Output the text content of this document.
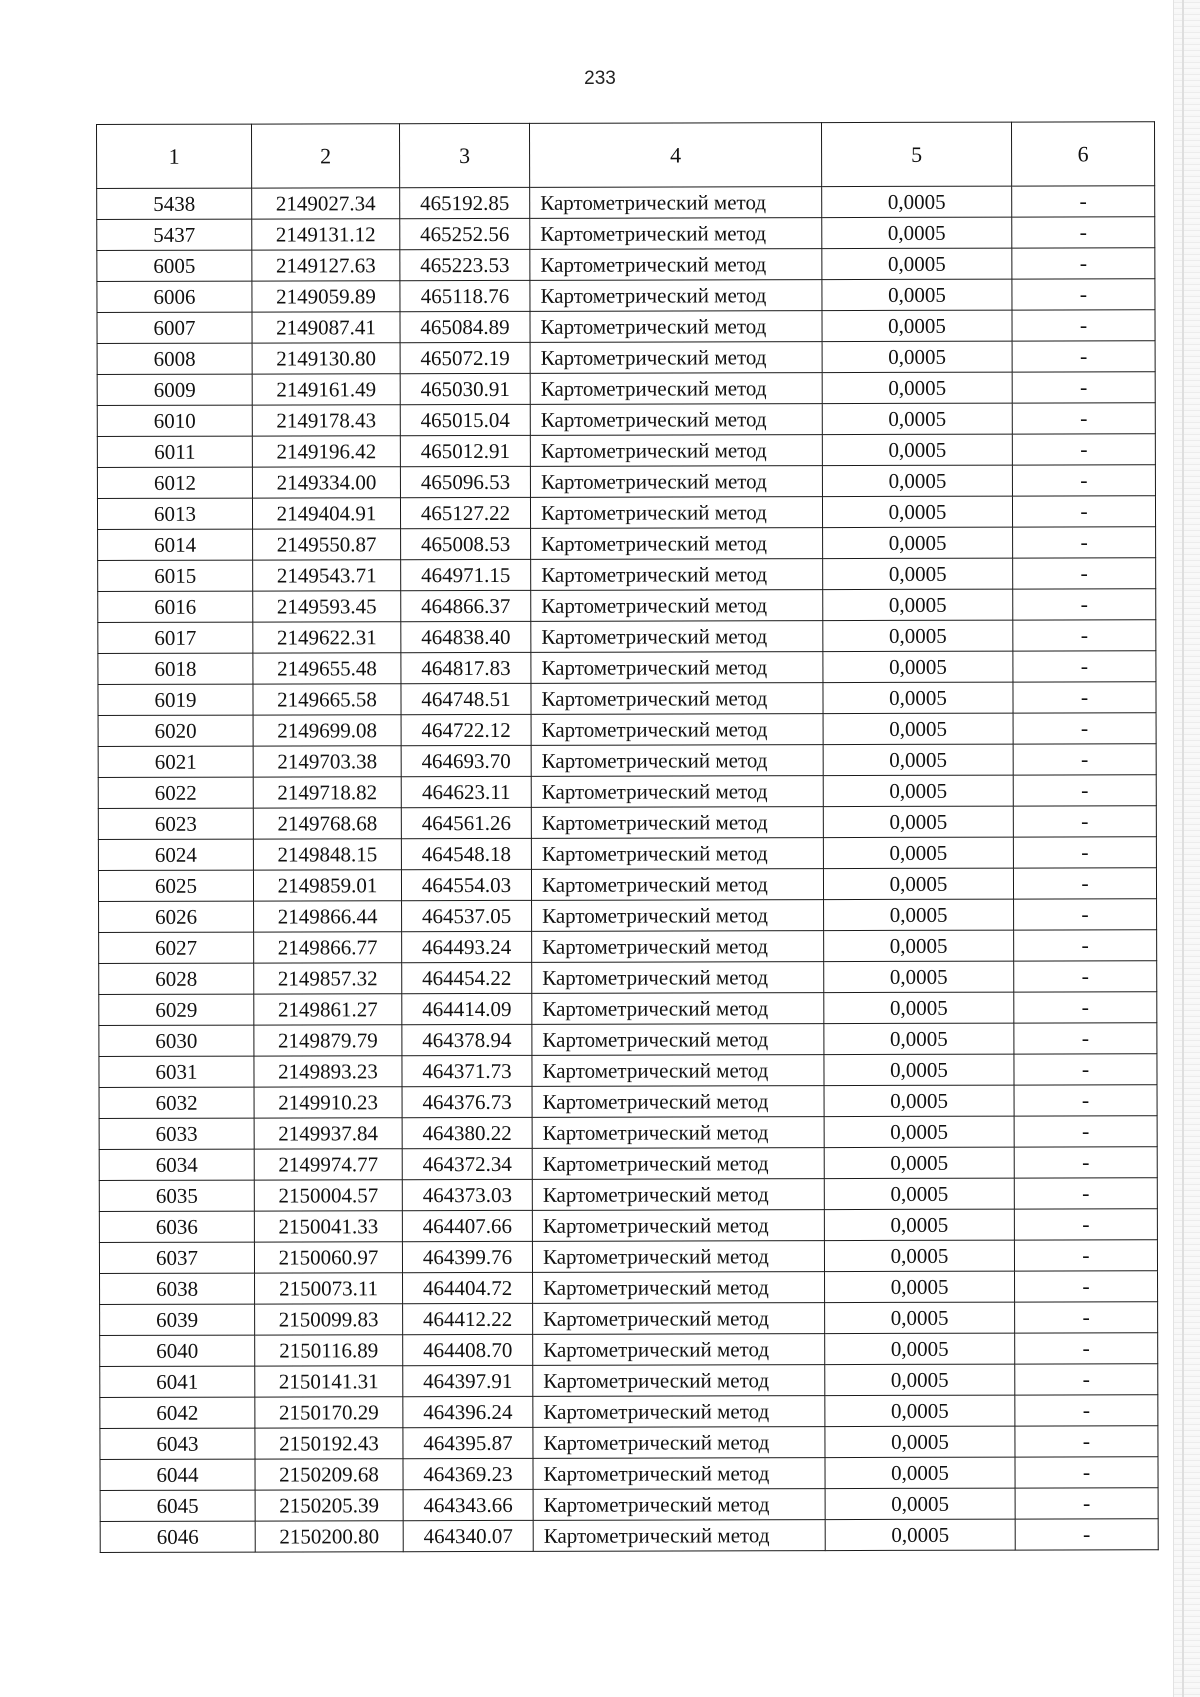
233
1	2	3	4	5	6
5438	2149027.34	465192.85	Картометрический метод	0,0005	-
5437	2149131.12	465252.56	Картометрический метод	0,0005	-
6005	2149127.63	465223.53	Картометрический метод	0,0005	-
6006	2149059.89	465118.76	Картометрический метод	0,0005	-
6007	2149087.41	465084.89	Картометрический метод	0,0005	-
6008	2149130.80	465072.19	Картометрический метод	0,0005	-
6009	2149161.49	465030.91	Картометрический метод	0,0005	-
6010	2149178.43	465015.04	Картометрический метод	0,0005	-
6011	2149196.42	465012.91	Картометрический метод	0,0005	-
6012	2149334.00	465096.53	Картометрический метод	0,0005	-
6013	2149404.91	465127.22	Картометрический метод	0,0005	-
6014	2149550.87	465008.53	Картометрический метод	0,0005	-
6015	2149543.71	464971.15	Картометрический метод	0,0005	-
6016	2149593.45	464866.37	Картометрический метод	0,0005	-
6017	2149622.31	464838.40	Картометрический метод	0,0005	-
6018	2149655.48	464817.83	Картометрический метод	0,0005	-
6019	2149665.58	464748.51	Картометрический метод	0,0005	-
6020	2149699.08	464722.12	Картометрический метод	0,0005	-
6021	2149703.38	464693.70	Картометрический метод	0,0005	-
6022	2149718.82	464623.11	Картометрический метод	0,0005	-
6023	2149768.68	464561.26	Картометрический метод	0,0005	-
6024	2149848.15	464548.18	Картометрический метод	0,0005	-
6025	2149859.01	464554.03	Картометрический метод	0,0005	-
6026	2149866.44	464537.05	Картометрический метод	0,0005	-
6027	2149866.77	464493.24	Картометрический метод	0,0005	-
6028	2149857.32	464454.22	Картометрический метод	0,0005	-
6029	2149861.27	464414.09	Картометрический метод	0,0005	-
6030	2149879.79	464378.94	Картометрический метод	0,0005	-
6031	2149893.23	464371.73	Картометрический метод	0,0005	-
6032	2149910.23	464376.73	Картометрический метод	0,0005	-
6033	2149937.84	464380.22	Картометрический метод	0,0005	-
6034	2149974.77	464372.34	Картометрический метод	0,0005	-
6035	2150004.57	464373.03	Картометрический метод	0,0005	-
6036	2150041.33	464407.66	Картометрический метод	0,0005	-
6037	2150060.97	464399.76	Картометрический метод	0,0005	-
6038	2150073.11	464404.72	Картометрический метод	0,0005	-
6039	2150099.83	464412.22	Картометрический метод	0,0005	-
6040	2150116.89	464408.70	Картометрический метод	0,0005	-
6041	2150141.31	464397.91	Картометрический метод	0,0005	-
6042	2150170.29	464396.24	Картометрический метод	0,0005	-
6043	2150192.43	464395.87	Картометрический метод	0,0005	-
6044	2150209.68	464369.23	Картометрический метод	0,0005	-
6045	2150205.39	464343.66	Картометрический метод	0,0005	-
6046	2150200.80	464340.07	Картометрический метод	0,0005	-
